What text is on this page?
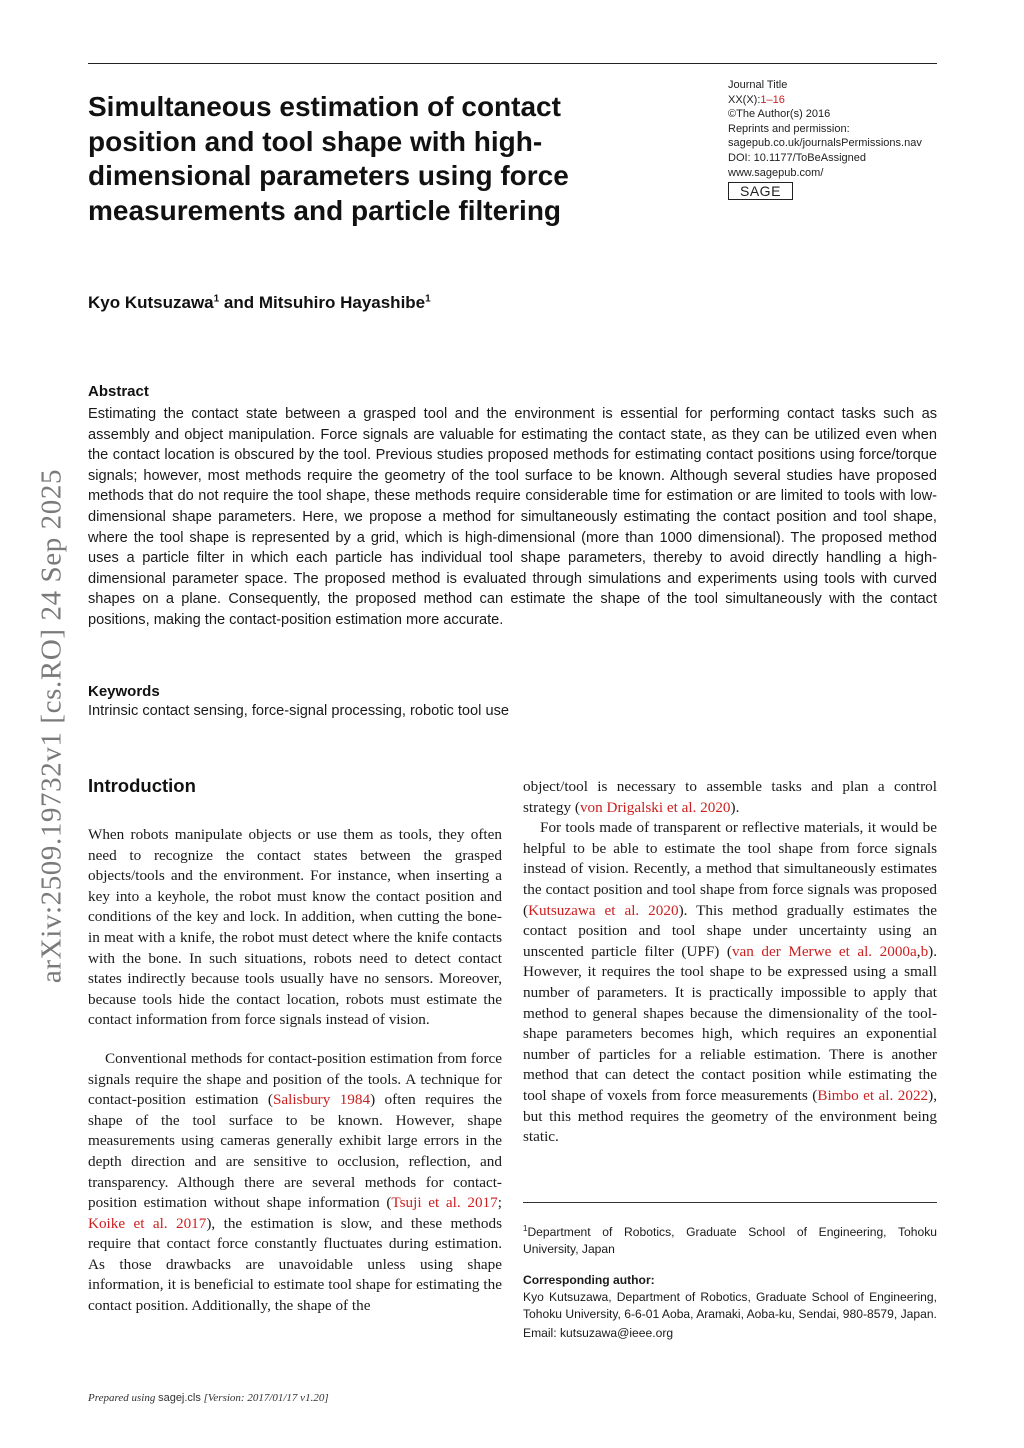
Simultaneous estimation of contact position and tool shape with high-dimensional parameters using force measurements and particle filtering
Journal Title
XX(X):1–16
©The Author(s) 2016
Reprints and permission:
sagepub.co.uk/journalsPermissions.nav
DOI: 10.1177/ToBeAssigned
www.sagepub.com/
SAGE
Kyo Kutsuzawa$^1$ and Mitsuhiro Hayashibe$^1$
Abstract

Estimating the contact state between a grasped tool and the environment is essential for performing contact tasks such as assembly and object manipulation. Force signals are valuable for estimating the contact state, as they can be utilized even when the contact location is obscured by the tool. Previous studies proposed methods for estimating contact positions using force/torque signals; however, most methods require the geometry of the tool surface to be known. Although several studies have proposed methods that do not require the tool shape, these methods require considerable time for estimation or are limited to tools with low-dimensional shape parameters. Here, we propose a method for simultaneously estimating the contact position and tool shape, where the tool shape is represented by a grid, which is high-dimensional (more than 1000 dimensional). The proposed method uses a particle filter in which each particle has individual tool shape parameters, thereby to avoid directly handling a high-dimensional parameter space. The proposed method is evaluated through simulations and experiments using tools with curved shapes on a plane. Consequently, the proposed method can estimate the shape of the tool simultaneously with the contact positions, making the contact-position estimation more accurate.

Keywords
Intrinsic contact sensing, force-signal processing, robotic tool use
arXiv:2509.19732v1 [cs.RO] 24 Sep 2025 Introduction

When robots manipulate objects or use them as tools, they often need to recognize the contact states between the grasped objects/tools and the environment. For instance, when inserting a key into a keyhole, the robot must know the contact position and conditions of the key and lock. In addition, when cutting the bone-in meat with a knife, the robot must detect where the knife contacts with the bone. In such situations, robots need to detect contact states indirectly because tools usually have no sensors. Moreover, because tools hide the contact location, robots must estimate the contact information from force signals instead of vision.

Conventional methods for contact-position estimation from force signals require the shape and position of the tools. A technique for contact-position estimation (Salisbury 1984) often requires the shape of the tool surface to be known. However, shape measurements using cameras generally exhibit large errors in the depth direction and are sensitive to occlusion, reflection, and transparency. Although there are several methods for contact-position estimation without shape information (Tsuji et al. 2017; Koike et al. 2017), the estimation is slow, and these methods require that contact force constantly fluctuates during estimation. As those drawbacks are unavoidable unless using shape information, it is beneficial to estimate tool shape for estimating the contact position. Additionally, the shape of the

object/tool is necessary to assemble tasks and plan a control strategy (von Drigalski et al. 2020).

For tools made of transparent or reflective materials, it would be helpful to be able to estimate the tool shape from force signals instead of vision. Recently, a method that simultaneously estimates the contact position and tool shape from force signals was proposed (Kutsuzawa et al. 2020). This method gradually estimates the contact position and tool shape under uncertainty using an unscented particle filter (UPF) (van der Merwe et al. 2000a,b). However, it requires the tool shape to be expressed using a small number of parameters. It is practically impossible to apply that method to general shapes because the dimensionality of the tool-shape parameters becomes high, which requires an exponential number of particles for a reliable estimation. There is another method that can detect the contact position while estimating the tool shape of voxels from force measurements (Bimbo et al. 2022), but this method requires the geometry of the environment being static.

$^1$Department of Robotics, Graduate School of Engineering, Tohoku University, Japan

Corresponding author:

Kyo Kutsuzawa, Department of Robotics, Graduate School of Engineering, Tohoku University, 6-6-01 Aoba, Aramaki, Aoba-ku, Sendai, 980-8579, Japan.

Email: kutsuzawa@ieee.org

Prepared using sagej.cls [Version: 2017/01/17 v1.20]
